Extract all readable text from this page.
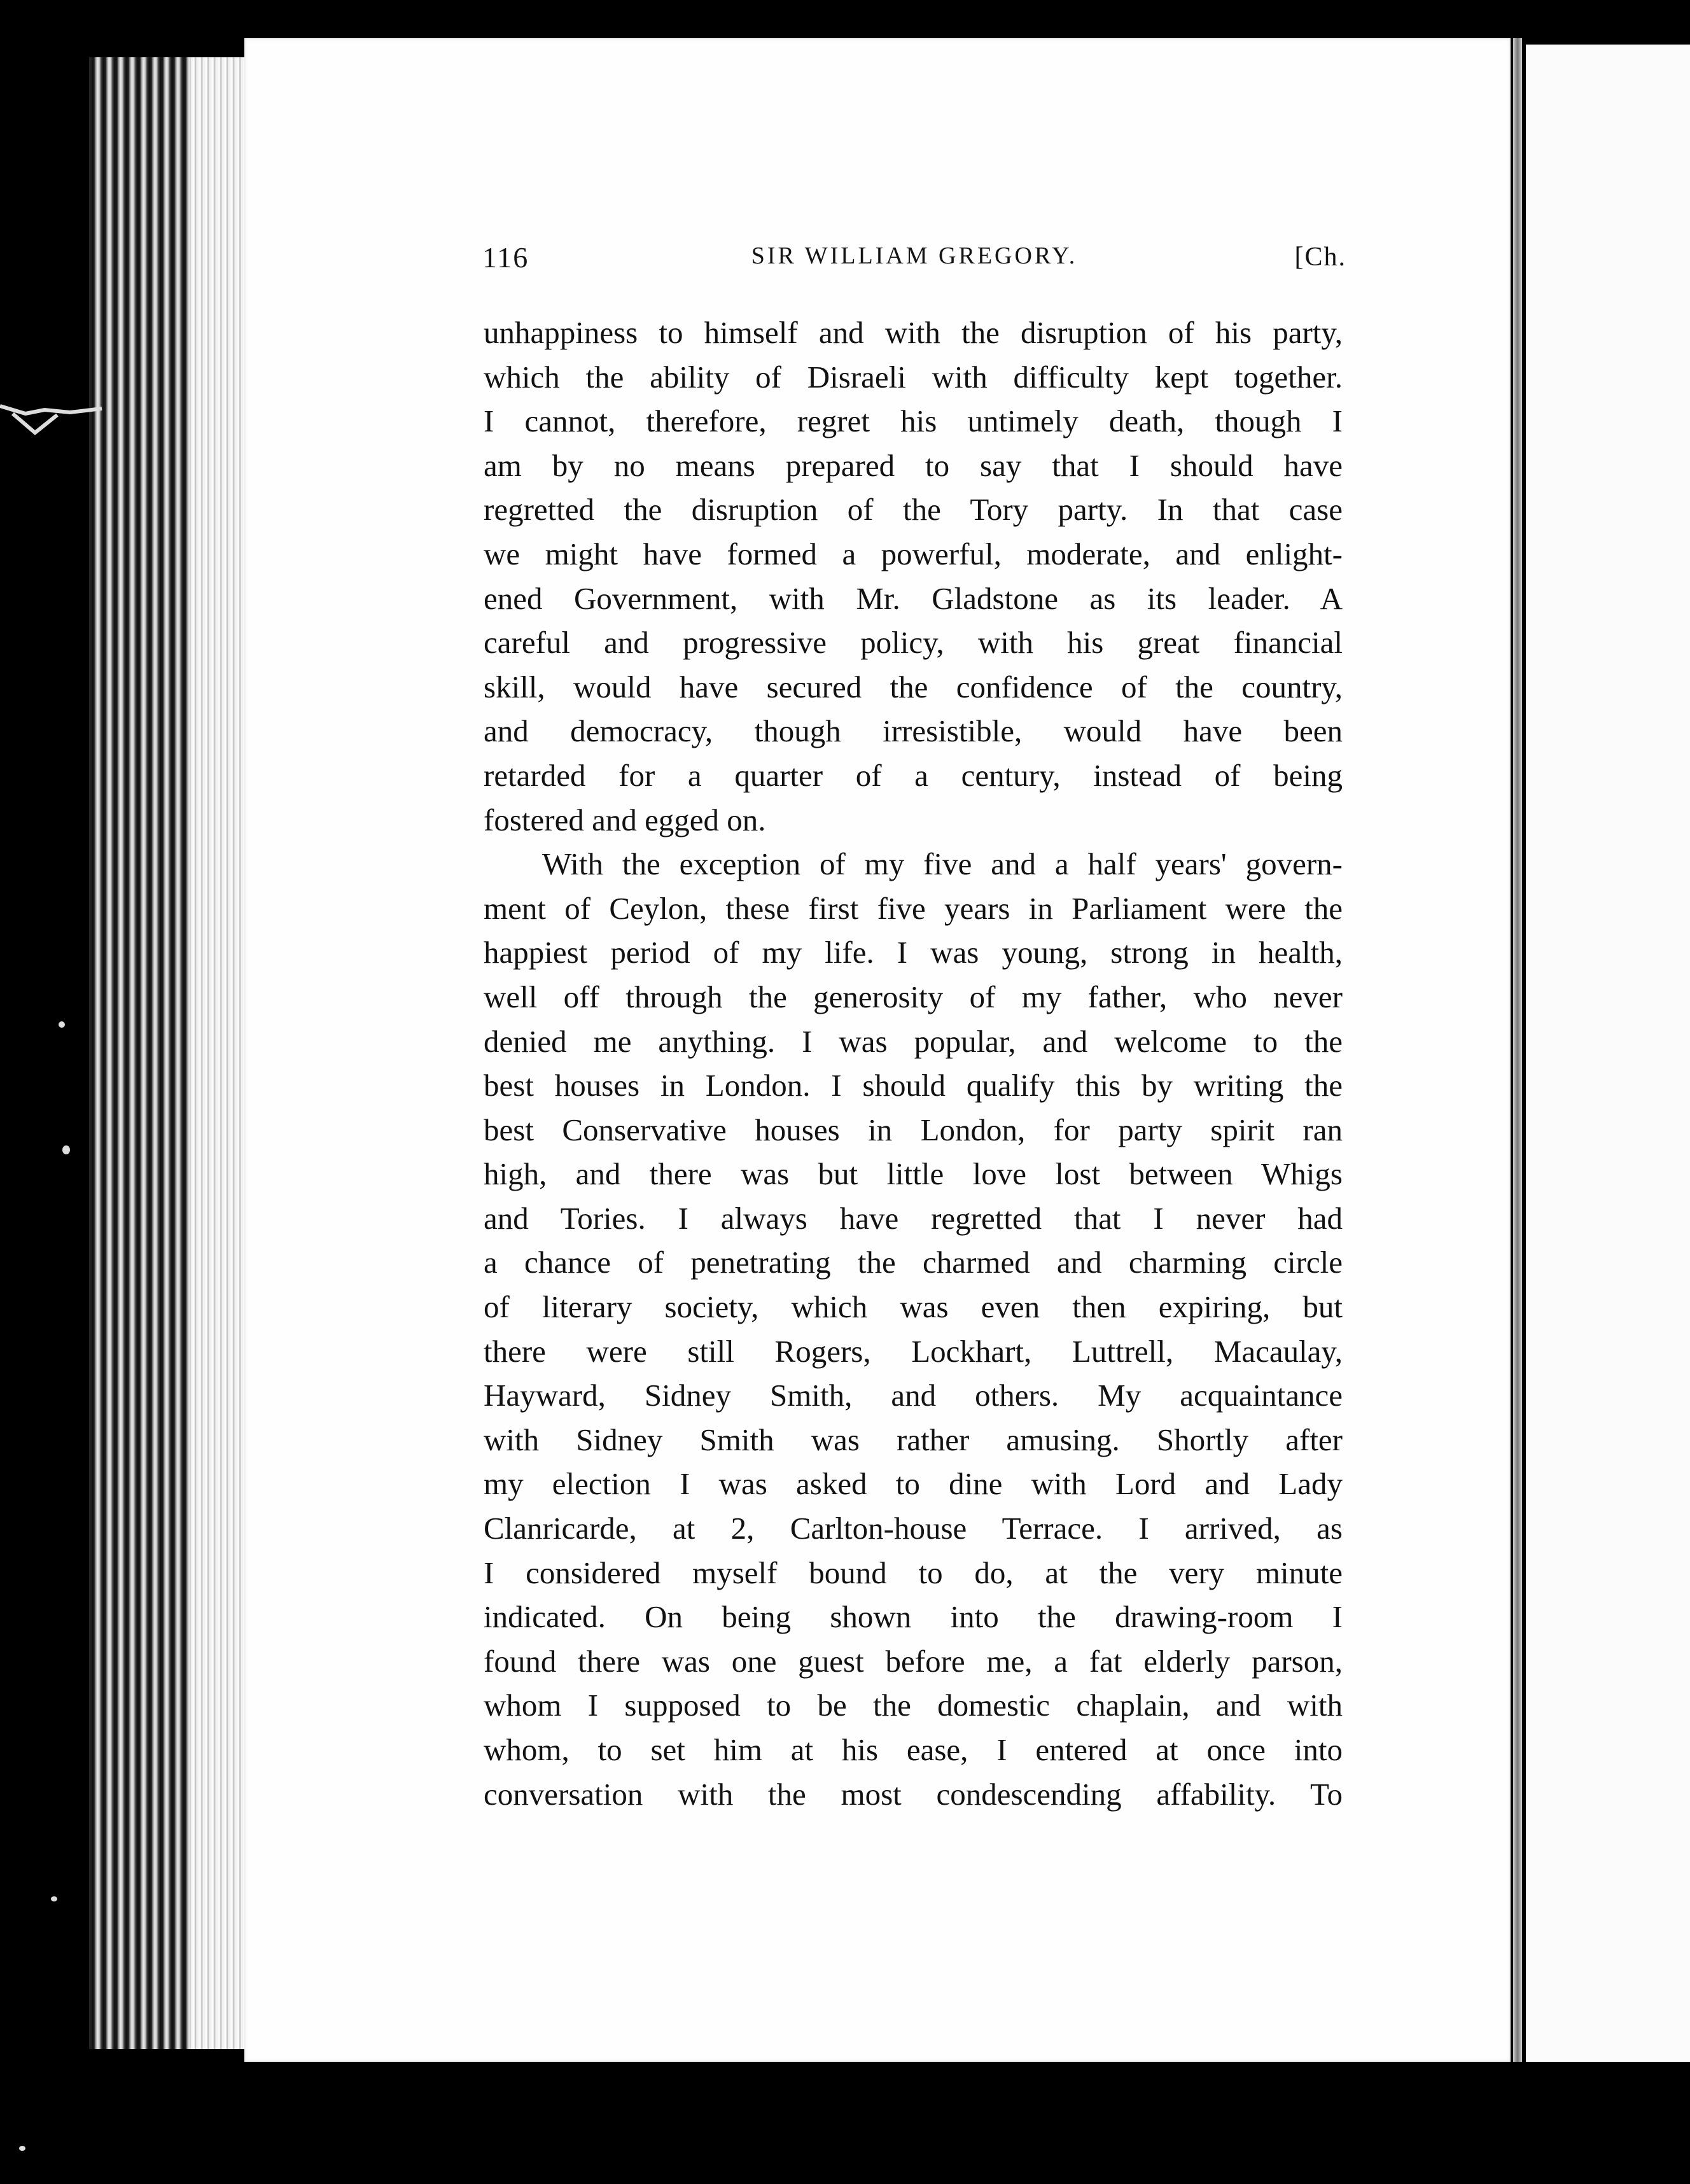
116	SIR WILLIAM GREGORY.	[Ch.
unhappiness to himself and with the disruption of his party,
which the ability of Disraeli with difficulty kept together.
I cannot, therefore, regret his untimely death, though I
am by no means prepared to say that I should have
regretted the disruption of the Tory party. In that case
we might have formed a powerful, moderate, and enlight-
ened Government, with Mr. Gladstone as its leader. A
careful and progressive policy, with his great financial
skill, would have secured the confidence of the country,
and democracy, though irresistible, would have been
retarded for a quarter of a century, instead of being
fostered and egged on.
With the exception of my five and a half years' govern-
ment of Ceylon, these first five years in Parliament were the
happiest period of my life. I was young, strong in health,
well off through the generosity of my father, who never
denied me anything. I was popular, and welcome to the
best houses in London. I should qualify this by writing the
best Conservative houses in London, for party spirit ran
high, and there was but little love lost between Whigs
and Tories. I always have regretted that I never had
a chance of penetrating the charmed and charming circle
of literary society, which was even then expiring, but
there were still Rogers, Lockhart, Luttrell, Macaulay,
Hayward, Sidney Smith, and others. My acquaintance
with Sidney Smith was rather amusing. Shortly after
my election I was asked to dine with Lord and Lady
Clanricarde, at 2, Carlton-house Terrace. I arrived, as
I considered myself bound to do, at the very minute
indicated. On being shown into the drawing-room I
found there was one guest before me, a fat elderly parson,
whom I supposed to be the domestic chaplain, and with
whom, to set him at his ease, I entered at once into
conversation with the most condescending affability. To
